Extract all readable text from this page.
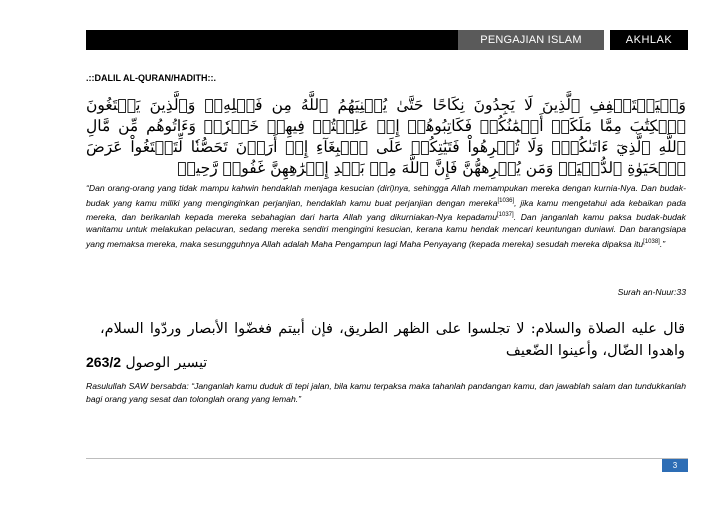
PENGAJIAN ISLAM	AKHLAK
.::DALIL AL-QURAN/HADITH::.
وَلۡيَسۡتَعۡفِفِ ٱلَّذِينَ لَا يَجِدُونَ نِكَاحًا حَتَّىٰ يُغۡنِيَهُمُ ٱللَّهُ مِن فَضۡلِهِۦۗ وَٱلَّذِينَ يَبۡتَغُونَ ٱلۡكِتَٰبَ مِمَّا مَلَكَتۡ أَيۡمَٰنُكُمۡ فَكَاتِبُوهُمۡ إِنۡ عَلِمۡتُمۡ فِيهِمۡ خَيۡرٗاۖ وَءَاتُوهُم مِّن مَّالِ ٱللَّهِ ٱلَّذِيٓ ءَاتَىٰكُمۡۚ وَلَا تُكۡرِهُواْ فَتَيَٰتِكُمۡ عَلَى ٱلۡبِغَآءِ إِنۡ أَرَدۡنَ تَحَصُّنٗا لِّتَبۡتَغُواْ عَرَضَ ٱلۡحَيَوٰةِ ٱلدُّنۡيَاۚ وَمَن يُكۡرِههُّنَّ فَإِنَّ ٱللَّهَ مِنۢ بَعۡدِ إِكۡرَٰهِهِنَّ غَفُورٞ رَّحِيمٞ
“Dan orang-orang yang tidak mampu kahwin hendaklah menjaga kesucian (diri)nya, sehingga Allah memampukan mereka dengan kurnia-Nya. Dan budak-budak yang kamu miliki yang menginginkan perjanjian, hendaklah kamu buat perjanjian dengan mereka[1036], jika kamu mengetahui ada kebaikan pada mereka, dan berikanlah kepada mereka sebahagian dari harta Allah yang dikurniakan-Nya kepadamu[1037]. Dan janganlah kamu paksa budak-budak wanitamu untuk melakukan pelacuran, sedang mereka sendiri mengingini kesucian, kerana kamu hendak mencari keuntungan duniawi. Dan barangsiapa yang memaksa mereka, maka sesungguhnya Allah adalah Maha Pengampun lagi Maha Penyayang (kepada mereka) sesudah mereka dipaksa itu[1038].”
Surah an-Nuur:33
قال عليه الصلاة والسلام: لا تجلسوا على الظهر الطريق، فإن أبيتم فغضّوا الأبصار وردّوا السلام، واهدوا الضّال، وأعينوا الضّعيف
263/2 تيسير الوصول
Rasulullah SAW bersabda: “Janganlah kamu duduk di tepi jalan, bila kamu terpaksa maka tahanlah pandangan kamu, dan jawablah salam dan tundukkanlah bagi orang yang sesat dan tolonglah orang yang lemah.”
3
